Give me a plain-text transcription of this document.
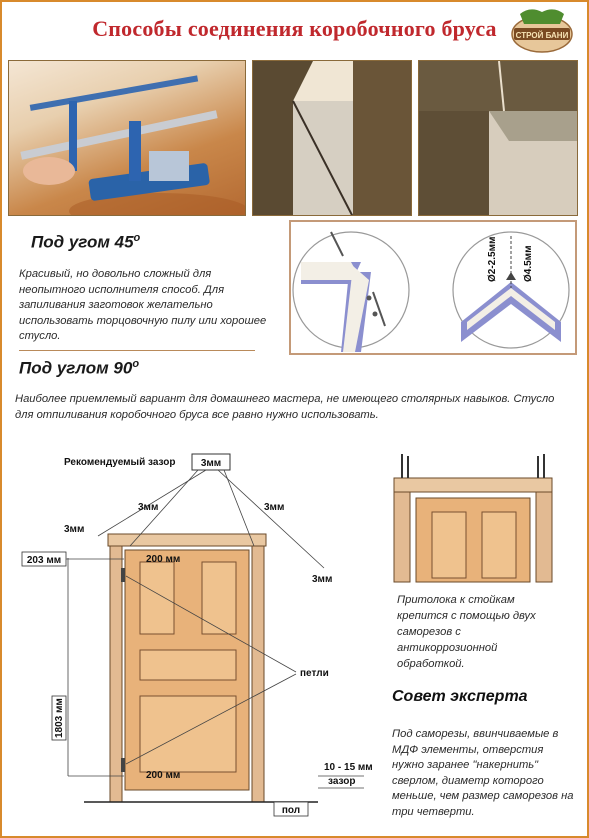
Способы соединения коробочного бруса	СТРОЙ БАНИ
Под угом $45^о$
Красивый, но довольно сложный для неопытного исполнителя способ. Для запиливания заготовок желательно использовать торцовочную пилу или хорошее стусло.
Ø2-2.5мм	Ø4.5мм
Под углом $90^о$
Наиболее приемлемый вариант для домашнего мастера, не имеющего столярных навыков. Стусло для отпиливания коробочного бруса все равно нужно использовать.
Рекомендуемый зазор	3мм
3мм	3мм
3мм
3мм
203 мм	200 мм
200 мм
1803 мм
петли
10 - 15 мм
зазор
пол
Притолока к стойкам крепится с помощью двух саморезов с антикоррозионной обработкой.
Совет эксперта
Под саморезы, ввинчиваемые в МДФ элементы, отверстия нужно заранее "накернить" сверлом, диаметр которого меньше, чем размер саморезов на три четверти.
